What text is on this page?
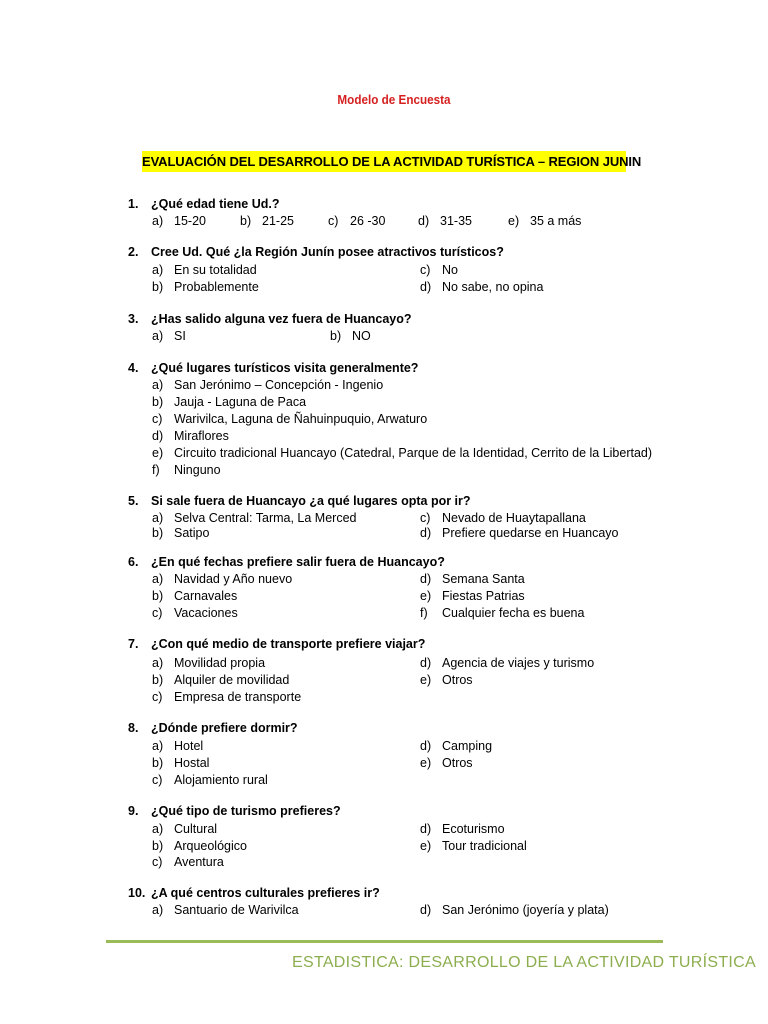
Modelo de Encuesta
EVALUACIÓN DEL DESARROLLO DE LA ACTIVIDAD TURÍSTICA – REGION JUNIN
1. ¿Qué edad tiene Ud.?
a) 15-20	b) 21-25	c) 26 -30	d) 31-35	e) 35 a más
2. Cree Ud. Qué ¿la Región Junín posee atractivos turísticos?
a) En su totalidad	c) No
b) Probablemente	d) No sabe, no opina
3. ¿Has salido alguna vez fuera de Huancayo?
a) SI	b) NO
4. ¿Qué lugares turísticos visita generalmente?
a) San Jerónimo – Concepción - Ingenio
b) Jauja - Laguna de Paca
c) Warivilca, Laguna de Ñahuinpuquio, Arwaturo
d) Miraflores
e) Circuito tradicional Huancayo (Catedral, Parque de la Identidad, Cerrito de la Libertad)
f) Ninguno
5. Si sale fuera de Huancayo ¿a qué lugares opta por ir?
a) Selva Central: Tarma, La Merced	c) Nevado de Huaytapallana
b) Satipo	d) Prefiere quedarse en Huancayo
6. ¿En qué fechas prefiere salir fuera de Huancayo?
a) Navidad y Año nuevo	d) Semana Santa
b) Carnavales	e) Fiestas Patrias
c) Vacaciones	f) Cualquier fecha es buena
7. ¿Con qué medio de transporte prefiere viajar?
a) Movilidad propia	d) Agencia de viajes y turismo
b) Alquiler de movilidad	e) Otros
c) Empresa de transporte
8. ¿Dónde prefiere dormir?
a) Hotel	d) Camping
b) Hostal	e) Otros
c) Alojamiento rural
9. ¿Qué tipo de turismo prefieres?
a) Cultural	d) Ecoturismo
b) Arqueológico	e) Tour tradicional
c) Aventura
10. ¿A qué centros culturales prefieres ir?
a) Santuario de Warivilca	d) San Jerónimo (joyería y plata)
ESTADISTICA: DESARROLLO DE LA ACTIVIDAD TURÍSTICA
